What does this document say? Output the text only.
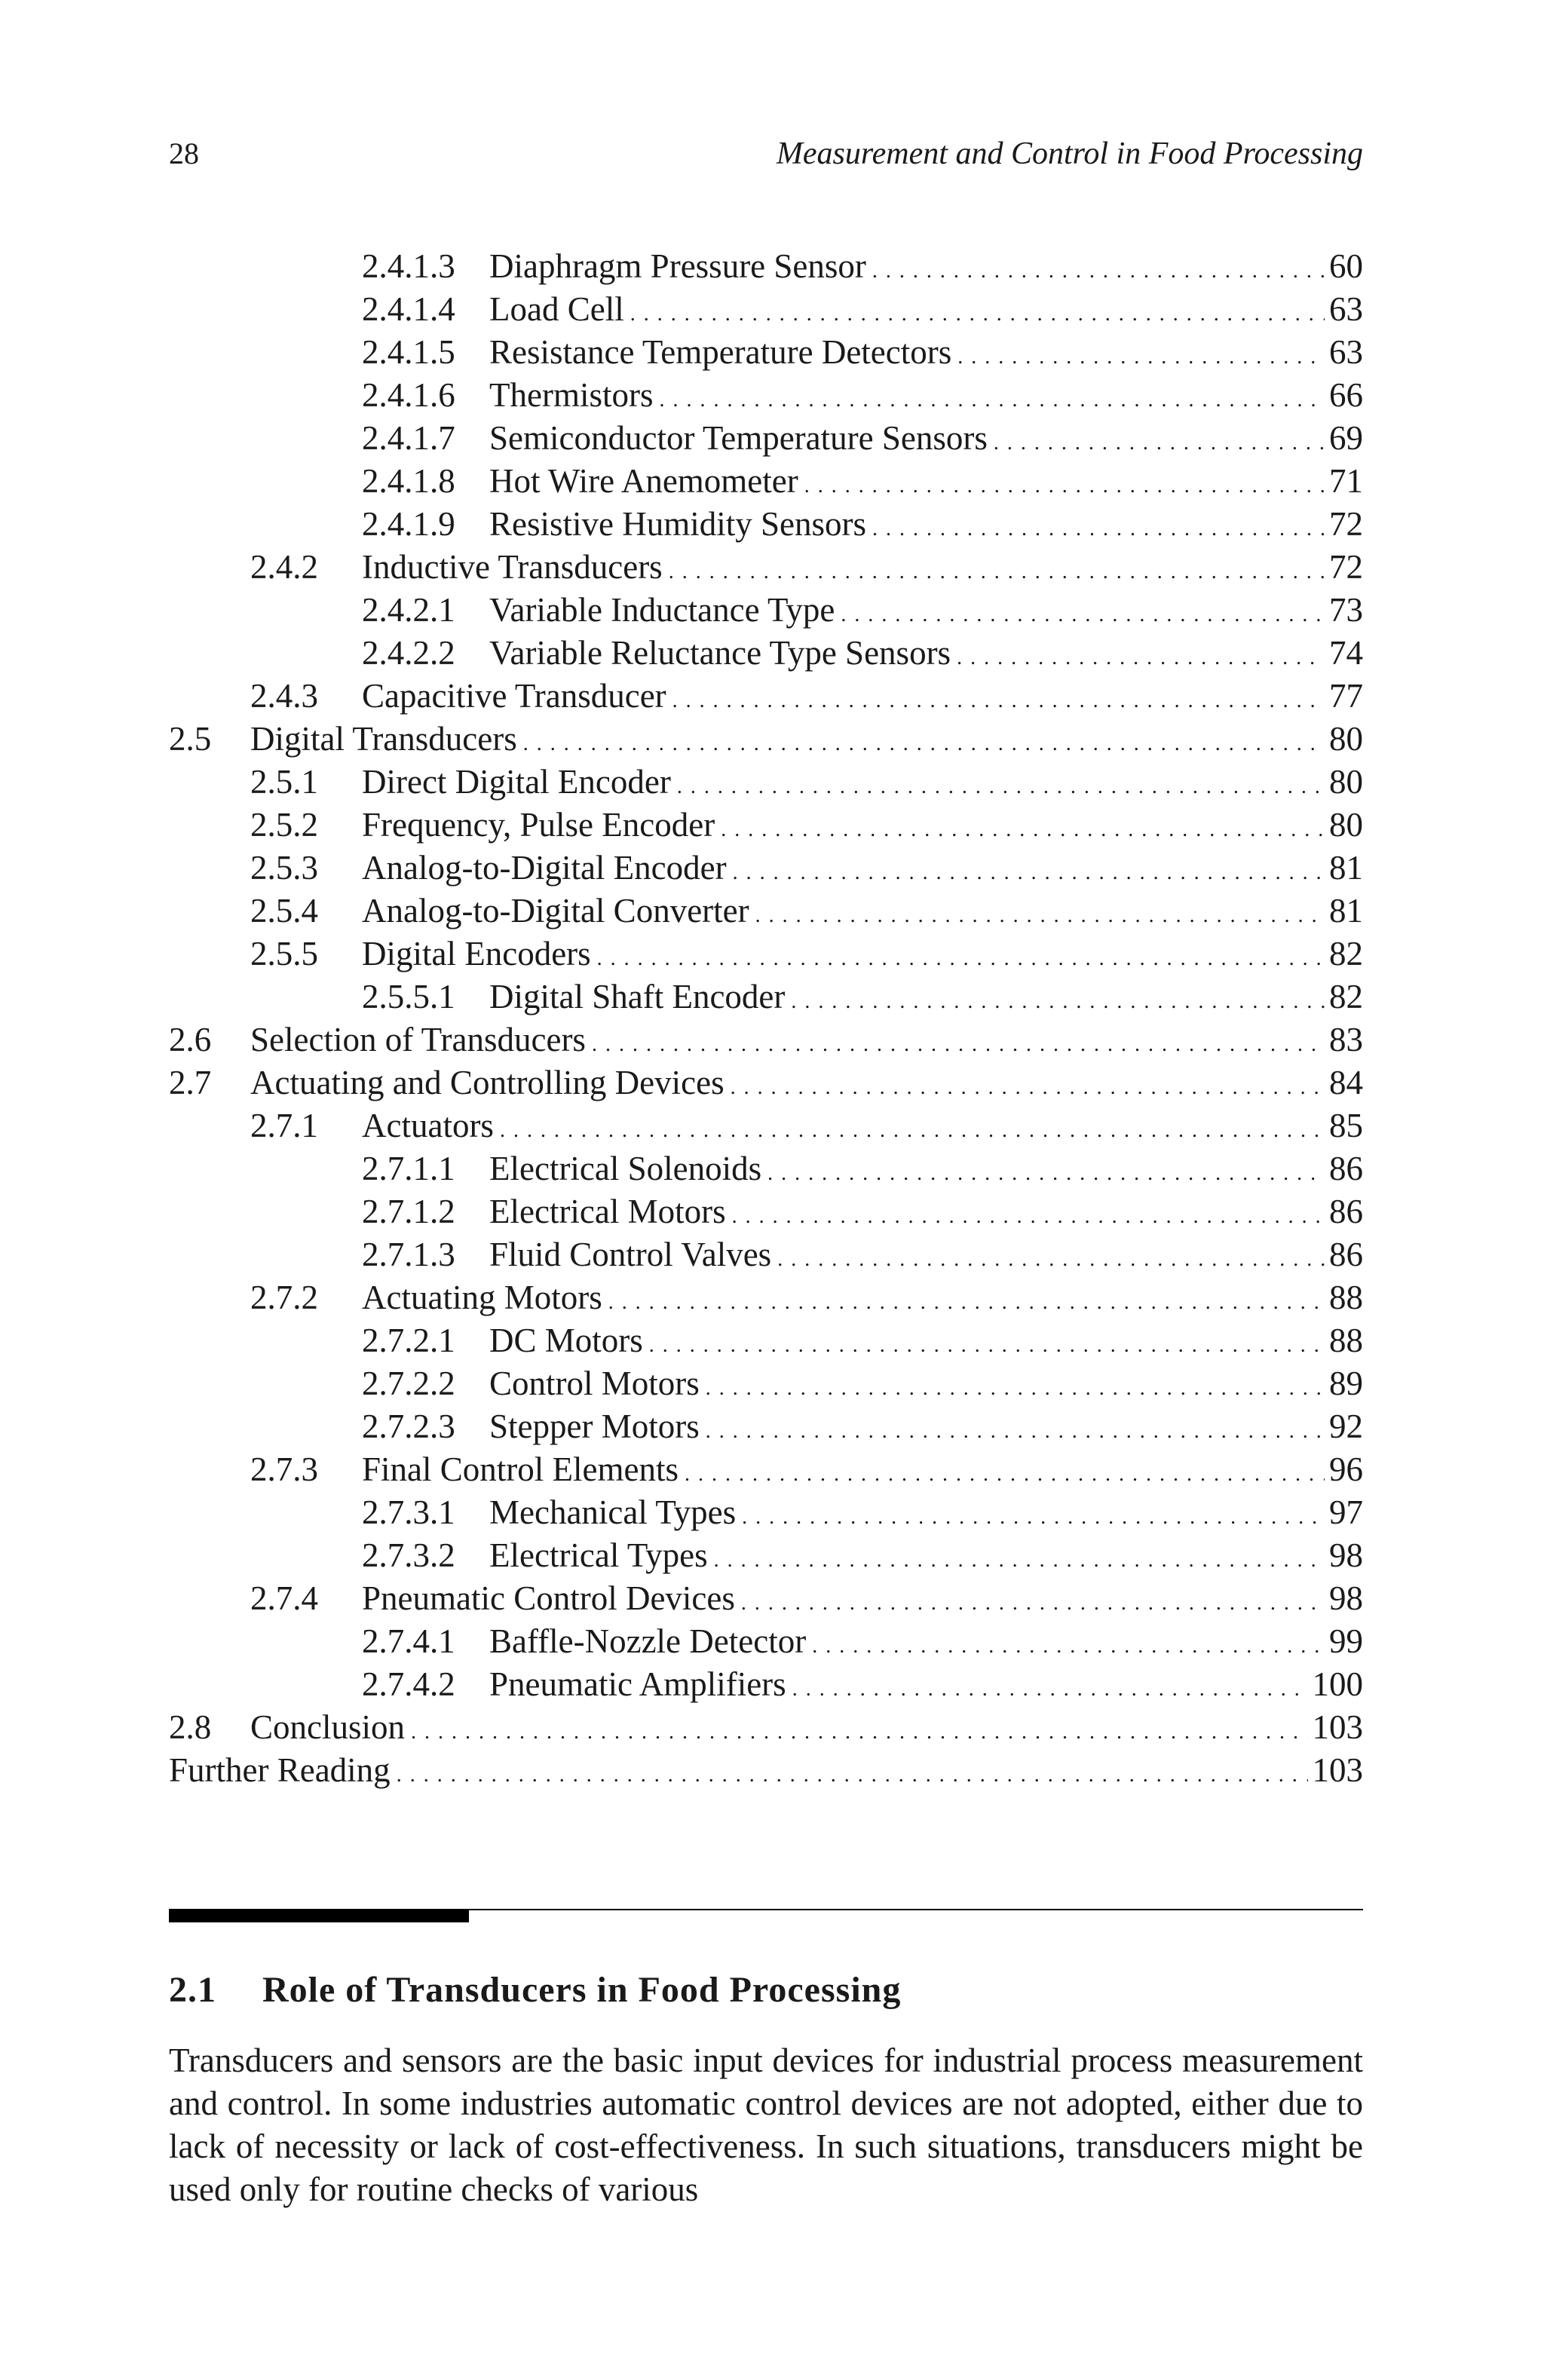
28	Measurement and Control in Food Processing
2.4.1.3 Diaphragm Pressure Sensor . . .	60
2.4.1.4 Load Cell . . .	63
2.4.1.5 Resistance Temperature Detectors . . .	63
2.4.1.6 Thermistors . . .	66
2.4.1.7 Semiconductor Temperature Sensors . . .	69
2.4.1.8 Hot Wire Anemometer . . .	71
2.4.1.9 Resistive Humidity Sensors . . .	72
2.4.2 Inductive Transducers . . .	72
2.4.2.1 Variable Inductance Type . . .	73
2.4.2.2 Variable Reluctance Type Sensors . . .	74
2.4.3 Capacitive Transducer . . .	77
2.5 Digital Transducers . . .	80
2.5.1 Direct Digital Encoder . . .	80
2.5.2 Frequency, Pulse Encoder . . .	80
2.5.3 Analog-to-Digital Encoder . . .	81
2.5.4 Analog-to-Digital Converter . . .	81
2.5.5 Digital Encoders . . .	82
2.5.5.1 Digital Shaft Encoder . . .	82
2.6 Selection of Transducers . . .	83
2.7 Actuating and Controlling Devices . . .	84
2.7.1 Actuators . . .	85
2.7.1.1 Electrical Solenoids . . .	86
2.7.1.2 Electrical Motors . . .	86
2.7.1.3 Fluid Control Valves . . .	86
2.7.2 Actuating Motors . . .	88
2.7.2.1 DC Motors . . .	88
2.7.2.2 Control Motors . . .	89
2.7.2.3 Stepper Motors . . .	92
2.7.3 Final Control Elements . . .	96
2.7.3.1 Mechanical Types . . .	97
2.7.3.2 Electrical Types . . .	98
2.7.4 Pneumatic Control Devices . . .	98
2.7.4.1 Baffle-Nozzle Detector . . .	99
2.7.4.2 Pneumatic Amplifiers . . .	100
2.8 Conclusion . . .	103
Further Reading . . .	103
2.1 Role of Transducers in Food Processing

Transducers and sensors are the basic input devices for industrial process measurement and control. In some industries automatic control devices are not adopted, either due to lack of necessity or lack of cost-effectiveness. In such situations, transducers might be used only for routine checks of various
